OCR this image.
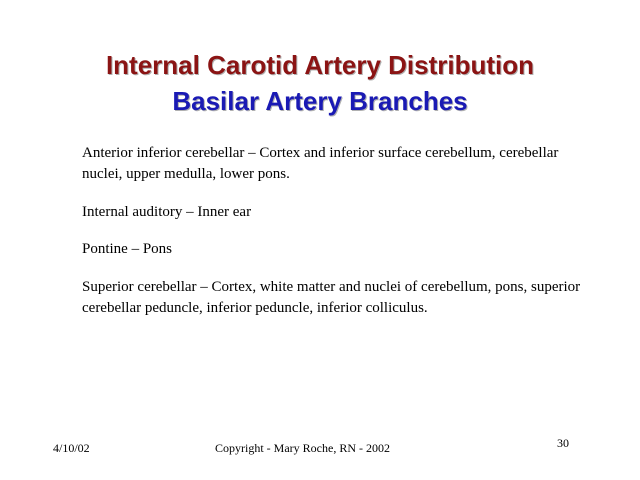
Internal Carotid Artery Distribution
Basilar Artery Branches

Anterior inferior cerebellar – Cortex and inferior surface cerebellum, cerebellar nuclei, upper medulla, lower pons.

Internal auditory – Inner ear

Pontine – Pons

Superior cerebellar – Cortex, white matter and nuclei of cerebellum, pons, superior cerebellar peduncle, inferior peduncle, inferior colliculus.

4/10/02	Copyright - Mary Roche, RN - 2002	30
